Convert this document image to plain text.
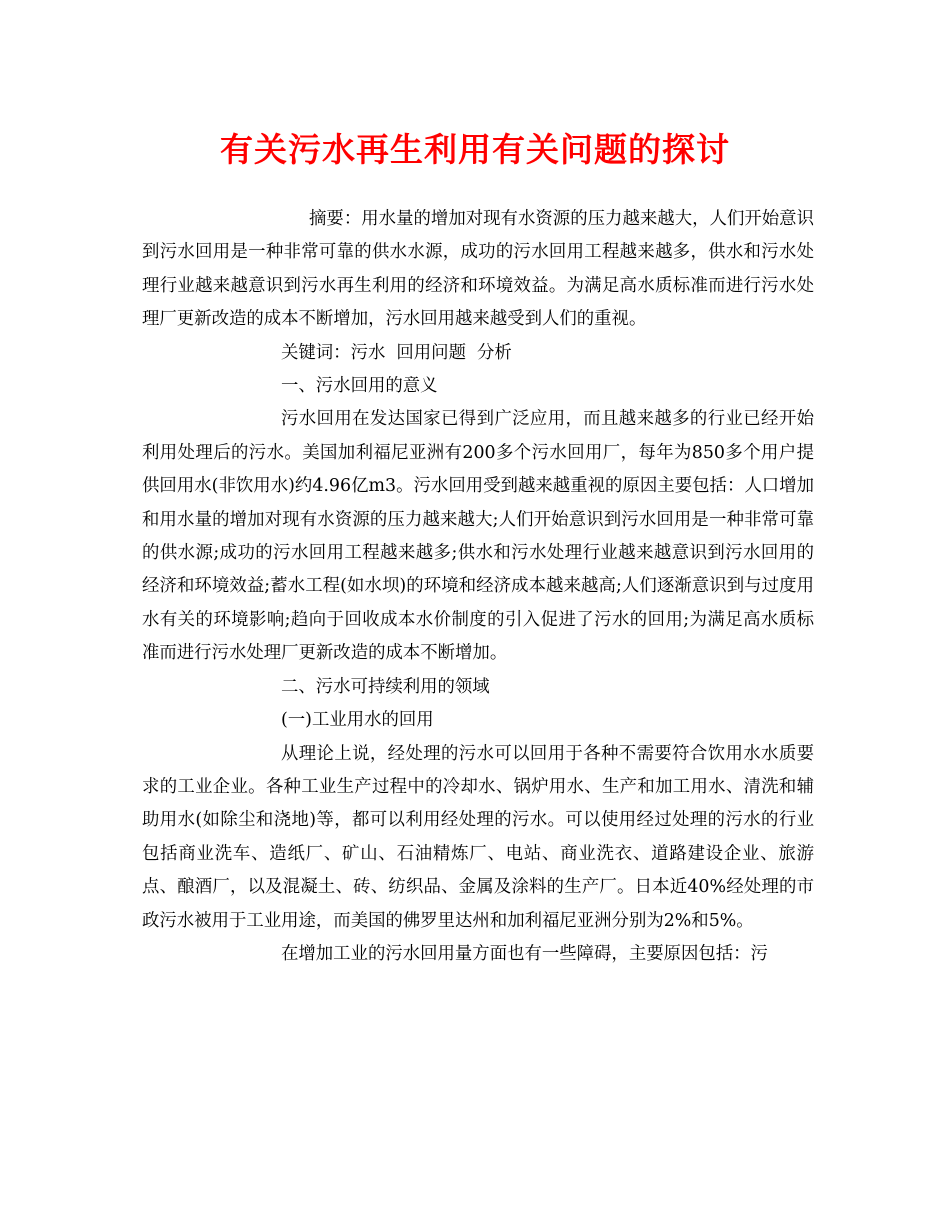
有关污水再生利用有关问题的探讨

摘要：用水量的增加对现有水资源的压力越来越大，人们开始意识到污水回用是一种非常可靠的供水水源，成功的污水回用工程越来越多，供水和污水处理行业越来越意识到污水再生利用的经济和环境效益。为满足高水质标准而进行污水处理厂更新改造的成本不断增加，污水回用越来越受到人们的重视。

关键词：污水  回用问题  分析

一、污水回用的意义

污水回用在发达国家已得到广泛应用，而且越来越多的行业已经开始利用处理后的污水。美国加利福尼亚洲有200多个污水回用厂，每年为850多个用户提供回用水(非饮用水)约4.96亿m3。污水回用受到越来越重视的原因主要包括：人口增加和用水量的增加对现有水资源的压力越来越大;人们开始意识到污水回用是一种非常可靠的供水源;成功的污水回用工程越来越多;供水和污水处理行业越来越意识到污水回用的经济和环境效益;蓄水工程(如水坝)的环境和经济成本越来越高;人们逐渐意识到与过度用水有关的环境影响;趋向于回收成本水价制度的引入促进了污水的回用;为满足高水质标准而进行污水处理厂更新改造的成本不断增加。

二、污水可持续利用的领域

(一)工业用水的回用

从理论上说，经处理的污水可以回用于各种不需要符合饮用水水质要求的工业企业。各种工业生产过程中的冷却水、锅炉用水、生产和加工用水、清洗和辅助用水(如除尘和浇地)等，都可以利用经处理的污水。可以使用经过处理的污水的行业包括商业洗车、造纸厂、矿山、石油精炼厂、电站、商业洗衣、道路建设企业、旅游点、酿酒厂，以及混凝土、砖、纺织品、金属及涂料的生产厂。日本近40%经处理的市政污水被用于工业用途，而美国的佛罗里达州和加利福尼亚洲分别为2%和5%。

在增加工业的污水回用量方面也有一些障碍，主要原因包括：污
